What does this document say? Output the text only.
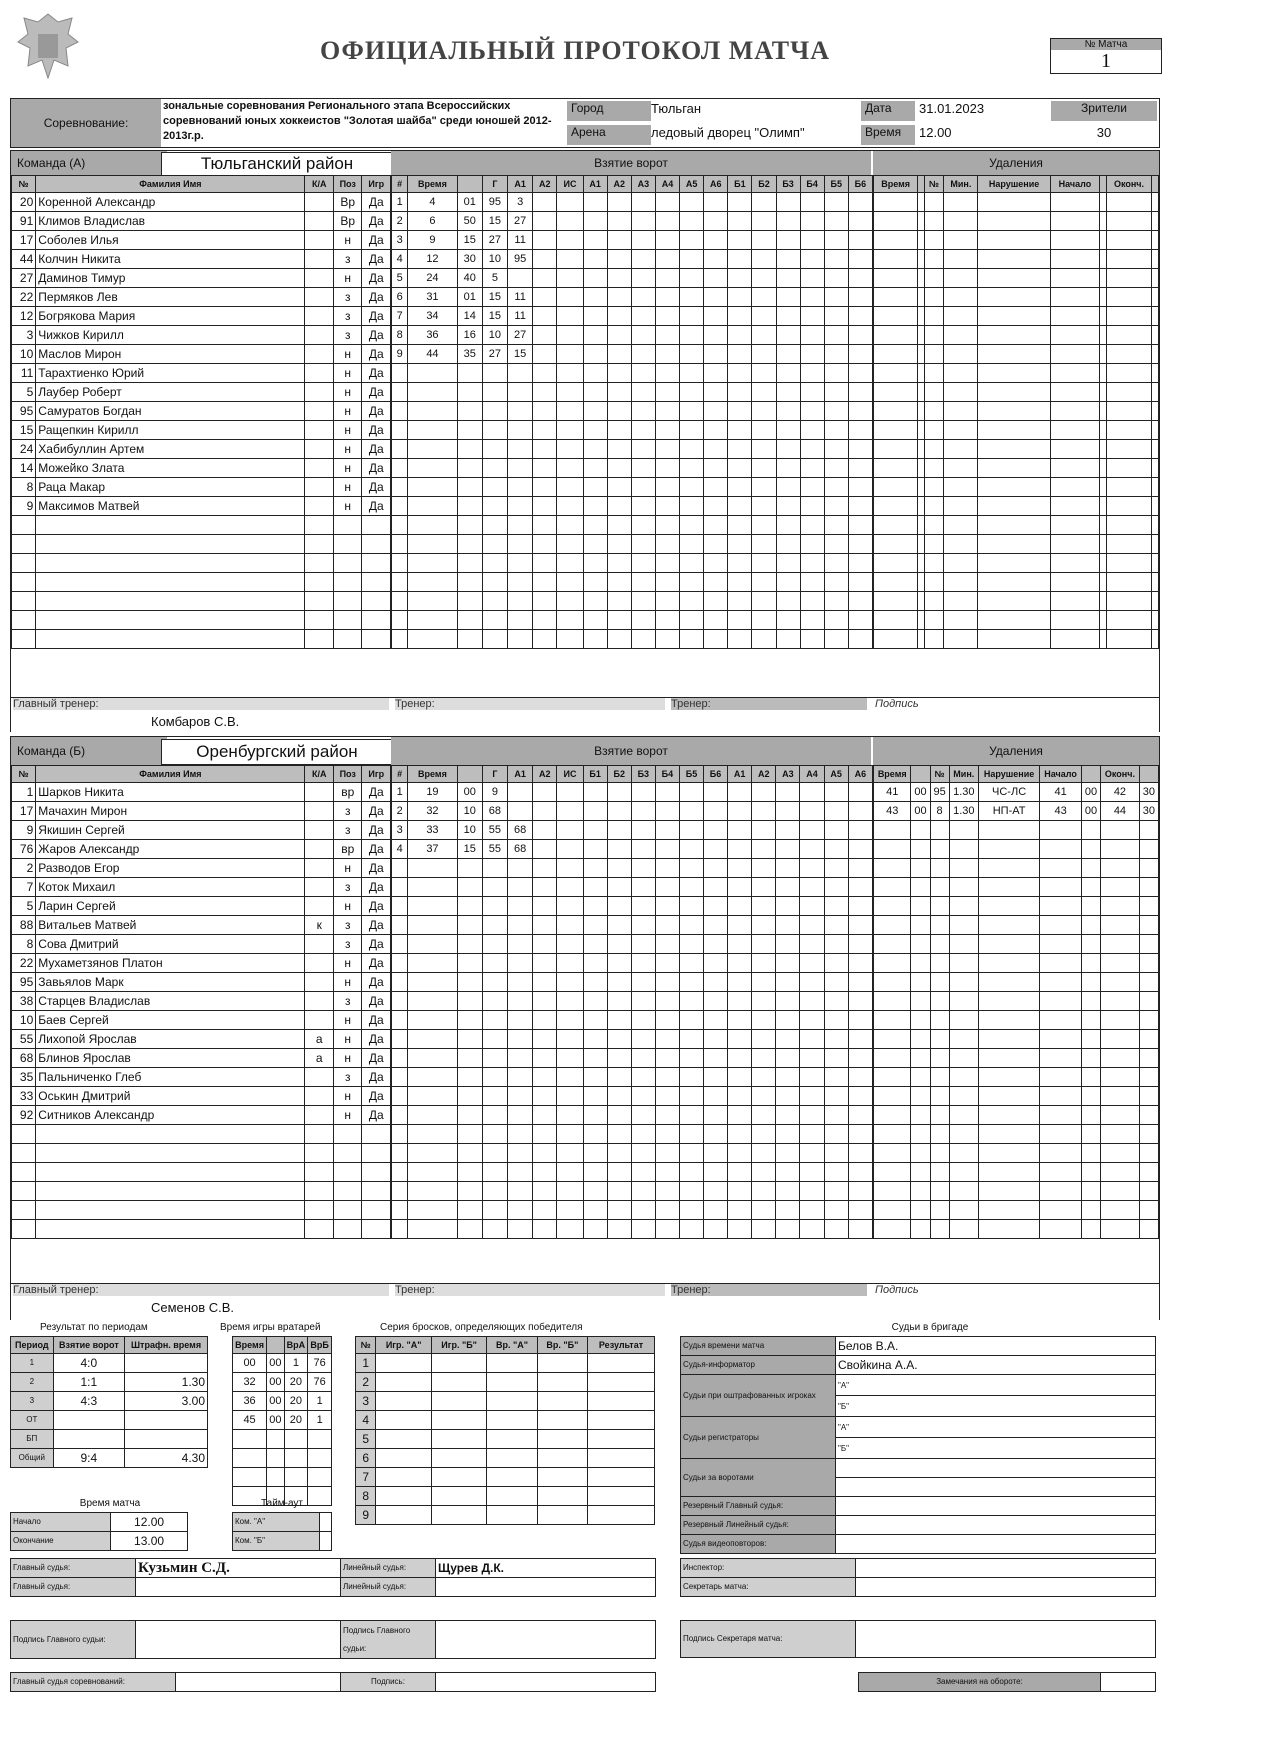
ОФИЦИАЛЬНЫЙ ПРОТОКОЛ МАТЧА	№ Матча
1
Соревнование:
зональные соревнования Регионального этапа Всероссийских соревнований юных хоккеистов "Золотая шайба" среди юношей 2012-2013г.р.
Город	Тюльган
Арена	ледовый дворец "Олимп"
Дата	31.01.2023
Время	12.00
Зрители
30
Команда (А)	Тюльганский район	Взятие ворот	Удаления
№	Фамилия Имя	К/А	Поз	Игр
20	Коренной Александр		Вр	Да
91	Климов Владислав		Вр	Да
17	Соболев Илья		н	Да
44	Колчин Никита		з	Да
27	Даминов Тимур		н	Да
22	Пермяков Лев		з	Да
12	Богрякова Мария		з	Да
3	Чижков Кирилл		з	Да
10	Маслов Мирон		н	Да
11	Тарахтиенко Юрий		н	Да
5	Лаубер Роберт		н	Да
95	Самуратов Богдан		н	Да
15	Ращепкин Кирилл		н	Да
24	Хабибуллин Артем		н	Да
14	Можейко Злата		н	Да
8	Раца Макар		н	Да
9	Максимов Матвей		н	Да

#	Время		Г	А1	А2	ИС	А1	А2	А3	А4	А5	А6	Б1	Б2	Б3	Б4	Б5	Б6
1	4	01	95	3														
2	6	50	15	27														
3	9	15	27	11														
4	12	30	10	95														
5	24	40	5															
6	31	01	15	11														
7	34	14	15	11														
8	36	16	10	27														
9	44	35	27	15														

Время		№	Мин.	Нарушение	Начало		Оконч.	

Главный тренер:
Комбаров С.В.
Тренер:	Тренер:	Подпись
Команда (Б)	Оренбургский район	Взятие ворот	Удаления
№	Фамилия Имя	К/А	Поз	Игр
1	Шарков Никита		вр	Да
17	Мачахин Мирон		з	Да
9	Якишин Сергей		з	Да
76	Жаров Александр		вр	Да
2	Разводов Егор		н	Да
7	Коток Михаил		з	Да
5	Ларин Сергей		н	Да
88	Витальев Матвей	к	з	Да
8	Сова Дмитрий		з	Да
22	Мухаметзянов Платон		н	Да
95	Завьялов Марк		н	Да
38	Старцев Владислав		з	Да
10	Баев Сергей		н	Да
55	Лихопой Ярослав	а	н	Да
68	Блинов Ярослав	а	н	Да
35	Пальниченко Глеб		з	Да
33	Оськин Дмитрий		н	Да
92	Ситников Александр		н	Да

#	Время		Г	А1	А2	ИС	Б1	Б2	Б3	Б4	Б5	Б6	А1	А2	А3	А4	А5	А6
1	19	00	9															
2	32	10	68															
3	33	10	55	68														
4	37	15	55	68														

Время		№	Мин.	Нарушение	Начало		Оконч.	
41	00	95	1.30	ЧС-ЛС	41	00	42	30
43	00	8	1.30	НП-АТ	43	00	44	30

Главный тренер:
Семенов С.В.
Тренер:	Тренер:	Подпись
Результат по периодам
Период	Взятие ворот	Штрафн. время
1	4:0	
2	1:1	1.30
3	4:3	3.00
ОТ		
БП		
Общий	9:4	4.30
Время игры вратарей
Время		ВрА	ВрБ
00	00	1	76
32	00	20	76
36	00	20	1
45	00	20	1

Время матча
Начало	12.00
Окончание	13.00
Тайм-аут
Ком. "А"	
Ком. "Б"	
Серия бросков, определяющих победителя
№	Игр. "А"	Игр. "Б"	Вр. "А"	Вр. "Б"	Результат
1					
2					
3					
4					
5					
6					
7					
8					
9					
Судьи в бригаде
Судья времени матча	Белов В.А.
Судья-информатор	Свойкина А.А.
Судьи при оштрафованных игроках	"А"
	"Б"
Судьи регистраторы	"А"
	"Б"
Судьи за воротами	

Резервный Главный судья:	
Резервный Линейный судья:	
Судья видеоповторов:	
Главный судья:	Кузьмин С.Д.	Линейный судья:	Щурев Д.К.
Главный судья:		Линейный судья:	
Инспектор:	
Секретарь матча:	
Подпись Главного судьи:		Подпись Главного судьи:	
Подпись Секретаря матча:	
Главный судья соревнований:		Подпись:		Замечания на обороте:	
